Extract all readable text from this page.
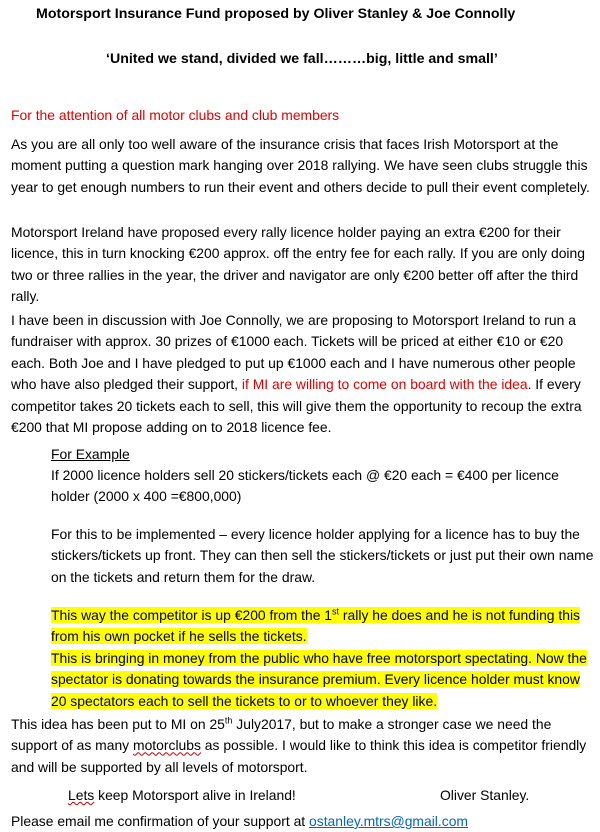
Motorsport Insurance Fund proposed by Oliver Stanley & Joe Connolly
‘United we stand, divided we fall………big, little and small’
For the attention of all motor clubs and club members
As you are all only too well aware of the insurance crisis that faces Irish Motorsport at the moment putting a question mark hanging over 2018 rallying. We have seen clubs struggle this year to get enough numbers to run their event and others decide to pull their event completely.
Motorsport Ireland have proposed every rally licence holder paying an extra €200 for their licence, this in turn knocking €200 approx. off the entry fee for each rally. If you are only doing two or three rallies in the year, the driver and navigator are only €200 better off after the third rally.
I have been in discussion with Joe Connolly, we are proposing to Motorsport Ireland to run a fundraiser with approx. 30 prizes of €1000 each. Tickets will be priced at either €10 or €20 each. Both Joe and I have pledged to put up €1000 each and I have numerous other people who have also pledged their support, if MI are willing to come on board with the idea. If every competitor takes 20 tickets each to sell, this will give them the opportunity to recoup the extra €200 that MI propose adding on to 2018 licence fee.
For Example
If 2000 licence holders sell 20 stickers/tickets each @ €20 each = €400 per licence holder (2000 x 400 =€800,000)
For this to be implemented – every licence holder applying for a licence has to buy the stickers/tickets up front. They can then sell the stickers/tickets or just put their own name on the tickets and return them for the draw.
This way the competitor is up €200 from the 1st rally he does and he is not funding this from his own pocket if he sells the tickets.
This is bringing in money from the public who have free motorsport spectating. Now the spectator is donating towards the insurance premium. Every licence holder must know 20 spectators each to sell the tickets to or to whoever they like.
This idea has been put to MI on 25th July2017, but to make a stronger case we need the support of as many motorclubs as possible. I would like to think this idea is competitor friendly and will be supported by all levels of motorsport.
Lets keep Motorsport alive in Ireland!	Oliver Stanley.
Please email me confirmation of your support at ostanley.mtrs@gmail.com
